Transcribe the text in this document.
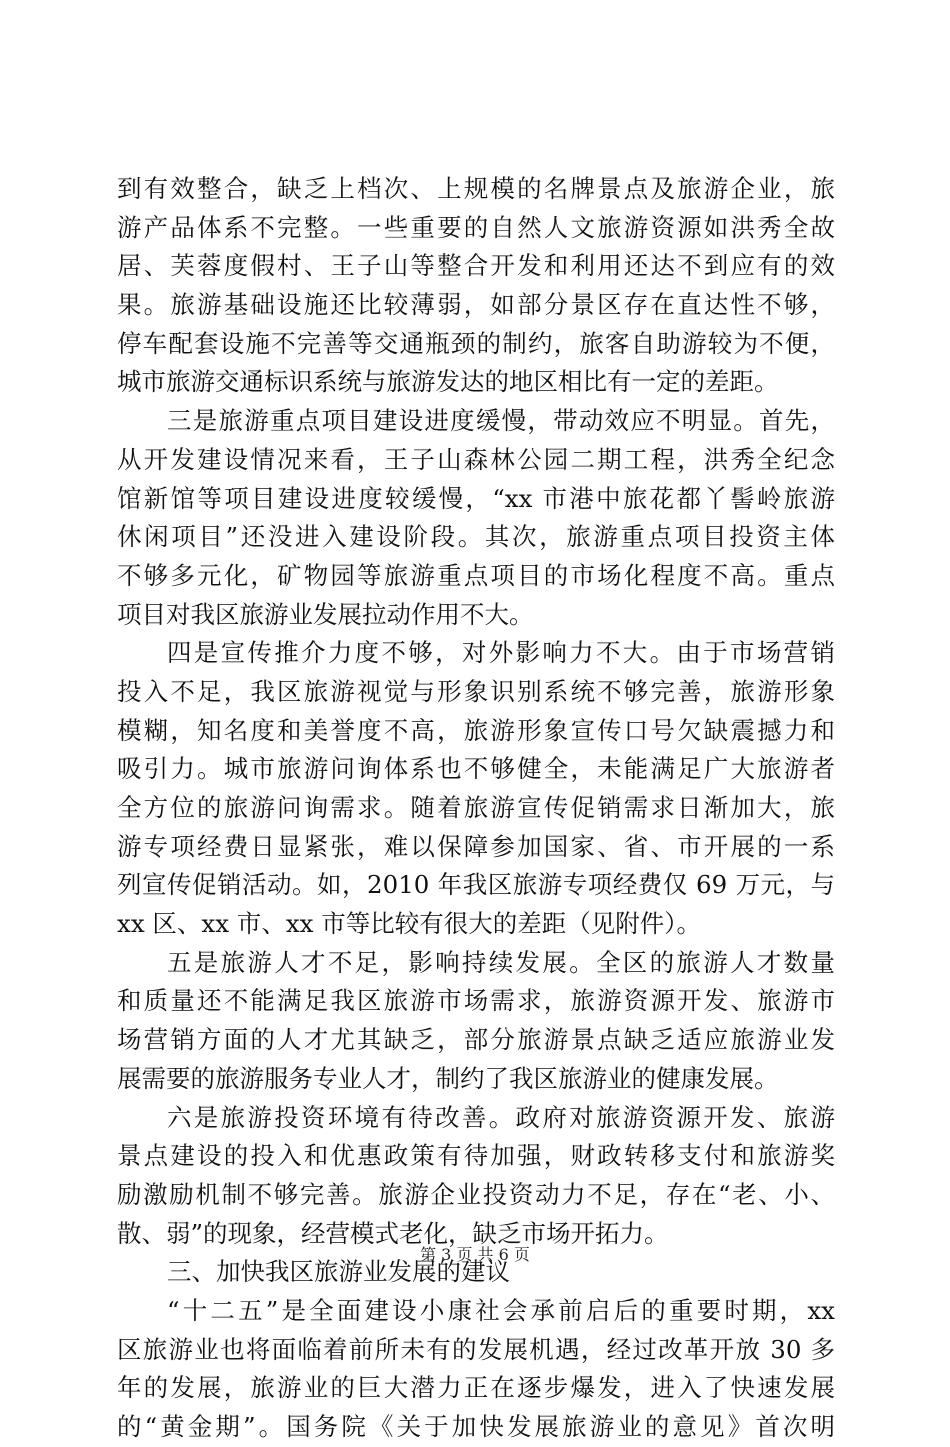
到有效整合，缺乏上档次、上规模的名牌景点及旅游企业，旅
游产品体系不完整。一些重要的自然人文旅游资源如洪秀全故
居、芙蓉度假村、王子山等整合开发和利用还达不到应有的效
果。旅游基础设施还比较薄弱，如部分景区存在直达性不够，
停车配套设施不完善等交通瓶颈的制约，旅客自助游较为不便，
城市旅游交通标识系统与旅游发达的地区相比有一定的差距。
三是旅游重点项目建设进度缓慢，带动效应不明显。首先，
从开发建设情况来看，王子山森林公园二期工程，洪秀全纪念
馆新馆等项目建设进度较缓慢，“xx 市港中旅花都丫髻岭旅游
休闲项目”还没进入建设阶段。其次，旅游重点项目投资主体
不够多元化，矿物园等旅游重点项目的市场化程度不高。重点
项目对我区旅游业发展拉动作用不大。
四是宣传推介力度不够，对外影响力不大。由于市场营销
投入不足，我区旅游视觉与形象识别系统不够完善，旅游形象
模糊，知名度和美誉度不高，旅游形象宣传口号欠缺震撼力和
吸引力。城市旅游问询体系也不够健全，未能满足广大旅游者
全方位的旅游问询需求。随着旅游宣传促销需求日渐加大，旅
游专项经费日显紧张，难以保障参加国家、省、市开展的一系
列宣传促销活动。如，2010 年我区旅游专项经费仅 69 万元，与
xx 区、xx 市、xx 市等比较有很大的差距（见附件）。
五是旅游人才不足，影响持续发展。全区的旅游人才数量
和质量还不能满足我区旅游市场需求，旅游资源开发、旅游市
场营销方面的人才尤其缺乏，部分旅游景点缺乏适应旅游业发
展需要的旅游服务专业人才，制约了我区旅游业的健康发展。
六是旅游投资环境有待改善。政府对旅游资源开发、旅游
景点建设的投入和优惠政策有待加强，财政转移支付和旅游奖
励激励机制不够完善。旅游企业投资动力不足，存在“老、小、
散、弱”的现象，经营模式老化，缺乏市场开拓力。
三、加快我区旅游业发展的建议
“十二五”是全面建设小康社会承前启后的重要时期，xx
区旅游业也将面临着前所未有的发展机遇，经过改革开放 30 多
年的发展，旅游业的巨大潜力正在逐步爆发，进入了快速发展
的“黄金期”。国务院《关于加快发展旅游业的意见》首次明
第 3 页 共 6 页
